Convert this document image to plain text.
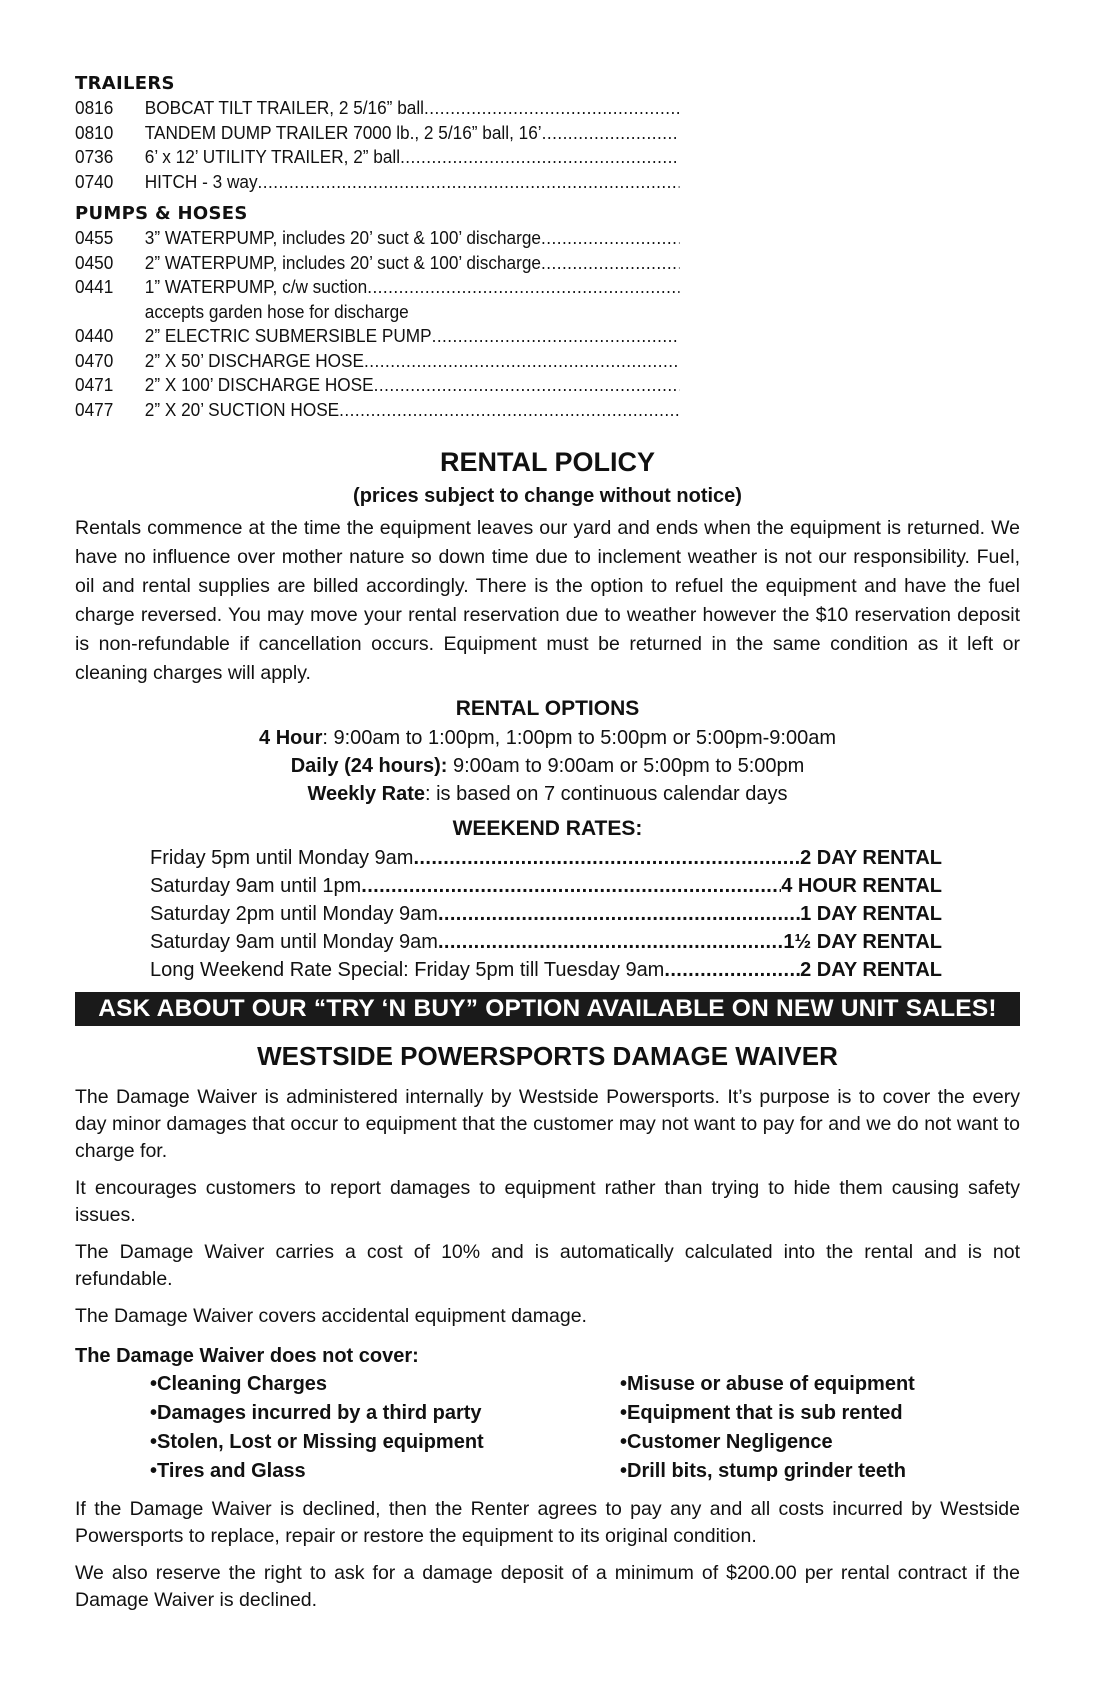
TRAILERS
0816	BOBCAT TILT TRAILER, 2 5/16” ball
.....
0810	TANDEM DUMP TRAILER 7000 lb., 2 5/16” ball, 16’
.....
0736	6’ x 12’ UTILITY TRAILER, 2” ball
.....
0740	HITCH - 3 way
.....
PUMPS & HOSES
0455	3” WATERPUMP, includes 20’ suct & 100’ discharge
.....
0450	2” WATERPUMP, includes 20’ suct & 100’ discharge
.....
0441	1” WATERPUMP, c/w suction
.....
accepts garden hose for discharge
0440	2” ELECTRIC SUBMERSIBLE PUMP
.....
0470	2” X 50’ DISCHARGE HOSE
.....
0471	2” X 100’ DISCHARGE HOSE
.....
0477	2” X 20’ SUCTION HOSE
.....
RENTAL POLICY
(prices subject to change without notice)
Rentals commence at the time the equipment leaves our yard and ends when the equipment is returned. We have no influence over mother nature so down time due to inclement weather is not our responsibility. Fuel, oil and rental supplies are billed accordingly. There is the option to refuel the equipment and have the fuel charge reversed. You may move your rental reservation due to weather however the $10 reservation deposit is non-refundable if cancellation occurs. Equipment must be returned in the same condition as it left or cleaning charges will apply.
RENTAL OPTIONS
4 Hour: 9:00am to 1:00pm, 1:00pm to 5:00pm or 5:00pm-9:00am
Daily (24 hours): 9:00am to 9:00am or 5:00pm to 5:00pm
Weekly Rate: is based on 7 continuous calendar days
WEEKEND RATES:
Friday 5pm until Monday 9am .....	2 DAY RENTAL
Saturday 9am until 1pm .....	4 HOUR RENTAL
Saturday 2pm until Monday 9am .....	1 DAY RENTAL
Saturday 9am until Monday 9am .....	1½ DAY RENTAL
Long Weekend Rate Special: Friday 5pm till Tuesday 9am .....	2 DAY RENTAL
ASK ABOUT OUR “TRY ‘N BUY” OPTION AVAILABLE ON NEW UNIT SALES!
WESTSIDE POWERSPORTS DAMAGE WAIVER
The Damage Waiver is administered internally by Westside Powersports. It’s purpose is to cover the every day minor damages that occur to equipment that the customer may not want to pay for and we do not want to charge for.
It encourages customers to report damages to equipment rather than trying to hide them causing safety issues.
The Damage Waiver carries a cost of 10% and is automatically calculated into the rental and is not refundable.
The Damage Waiver covers accidental equipment damage.
The Damage Waiver does not cover:
• Cleaning Charges	• Misuse or abuse of equipment
• Damages incurred by a third party	• Equipment that is sub rented
• Stolen, Lost or Missing equipment	• Customer Negligence
• Tires and Glass	• Drill bits, stump grinder teeth
If the Damage Waiver is declined, then the Renter agrees to pay any and all costs incurred by Westside Powersports to replace, repair or restore the equipment to its original condition.
We also reserve the right to ask for a damage deposit of a minimum of $200.00 per rental contract if the Damage Waiver is declined.
